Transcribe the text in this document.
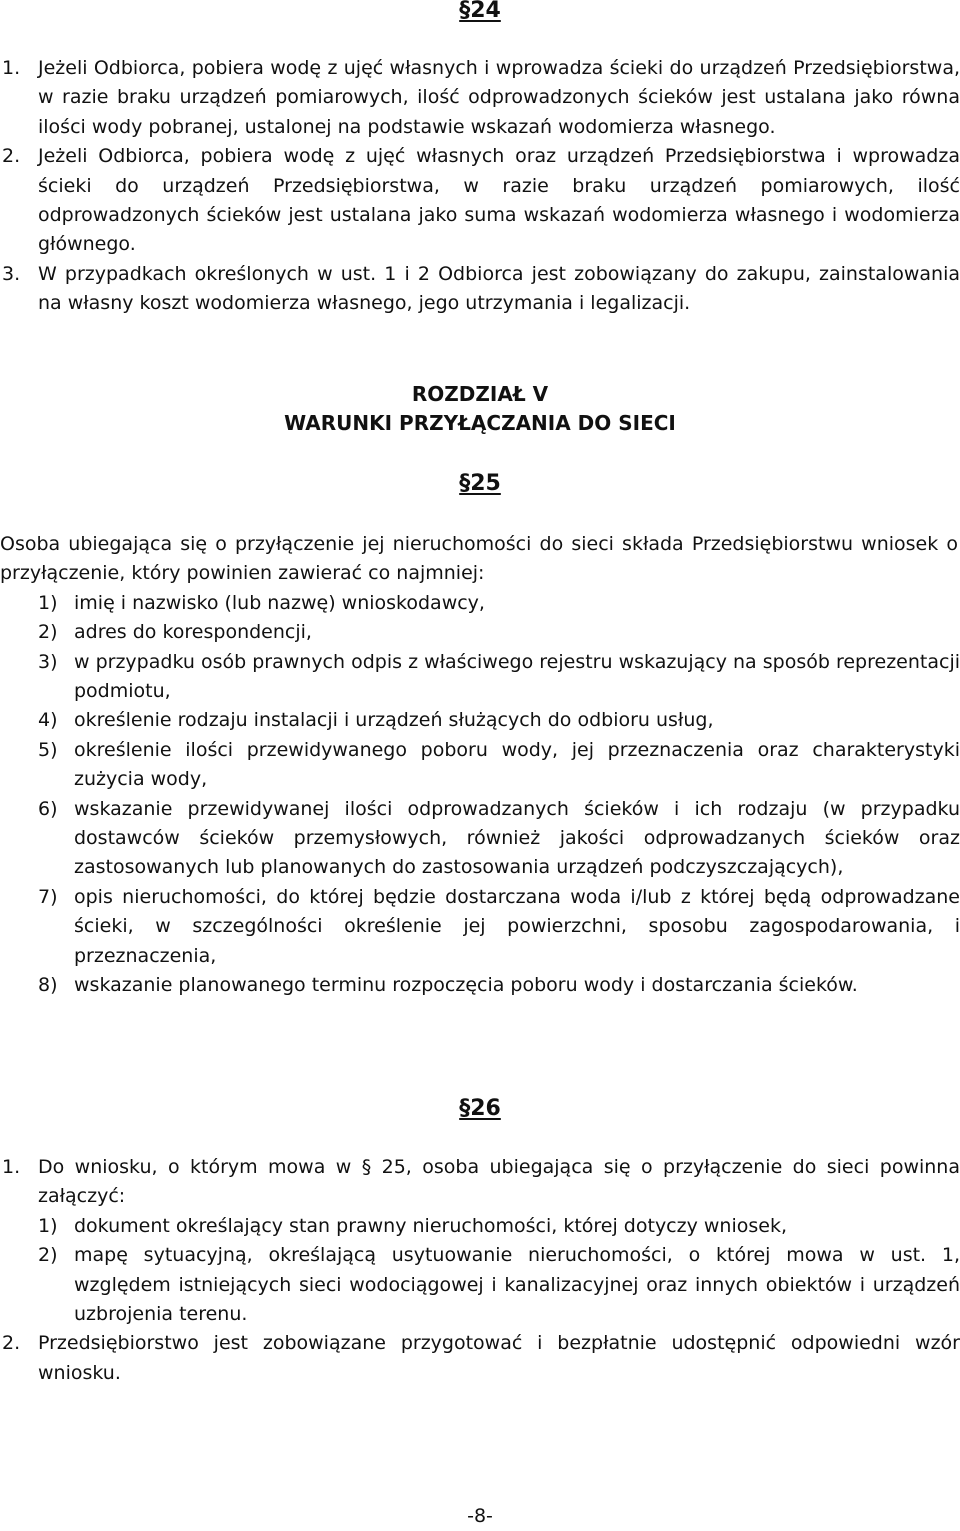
§24
1. Jeżeli Odbiorca, pobiera wodę z ujęć własnych i wprowadza ścieki do urządzeń Przedsiębiorstwa, w razie braku urządzeń pomiarowych, ilość odprowadzonych ścieków jest ustalana jako równa ilości wody pobranej, ustalonej na podstawie wskazań wodomierza własnego.
2. Jeżeli Odbiorca, pobiera wodę z ujęć własnych oraz urządzeń Przedsiębiorstwa i wprowadza ścieki do urządzeń Przedsiębiorstwa, w razie braku urządzeń pomiarowych, ilość odprowadzonych ścieków jest ustalana jako suma wskazań wodomierza własnego i wodomierza głównego.
3. W przypadkach określonych w ust. 1 i 2 Odbiorca jest zobowiązany do zakupu, zainstalowania na własny koszt wodomierza własnego, jego utrzymania i legalizacji.
ROZDZIAŁ V
WARUNKI PRZYŁĄCZANIA DO SIECI
§25
Osoba ubiegająca się o przyłączenie jej nieruchomości do sieci składa Przedsiębiorstwu wniosek o przyłączenie, który powinien zawierać co najmniej:
1) imię i nazwisko (lub nazwę) wnioskodawcy,
2) adres do korespondencji,
3) w przypadku osób prawnych odpis z właściwego rejestru wskazujący na sposób reprezentacji podmiotu,
4) określenie rodzaju instalacji i urządzeń służących do odbioru usług,
5) określenie ilości przewidywanego poboru wody, jej przeznaczenia oraz charakterystyki zużycia wody,
6) wskazanie przewidywanej ilości odprowadzanych ścieków i ich rodzaju (w przypadku dostawców ścieków przemysłowych, również jakości odprowadzanych ścieków oraz zastosowanych lub planowanych do zastosowania urządzeń podczyszczających),
7) opis nieruchomości, do której będzie dostarczana woda i/lub z której będą odprowadzane ścieki, w szczególności określenie jej powierzchni, sposobu zagospodarowania, i przeznaczenia,
8) wskazanie planowanego terminu rozpoczęcia poboru wody i dostarczania ścieków.
§26
1. Do wniosku, o którym mowa w § 25, osoba ubiegająca się o przyłączenie do sieci powinna załączyć:
1) dokument określający stan prawny nieruchomości, której dotyczy wniosek,
2) mapę sytuacyjną, określającą usytuowanie nieruchomości, o której mowa w ust. 1, względem istniejących sieci wodociągowej i kanalizacyjnej oraz innych obiektów i urządzeń uzbrojenia terenu.
2. Przedsiębiorstwo jest zobowiązane przygotować i bezpłatnie udostępnić odpowiedni wzór wniosku.
-8-
